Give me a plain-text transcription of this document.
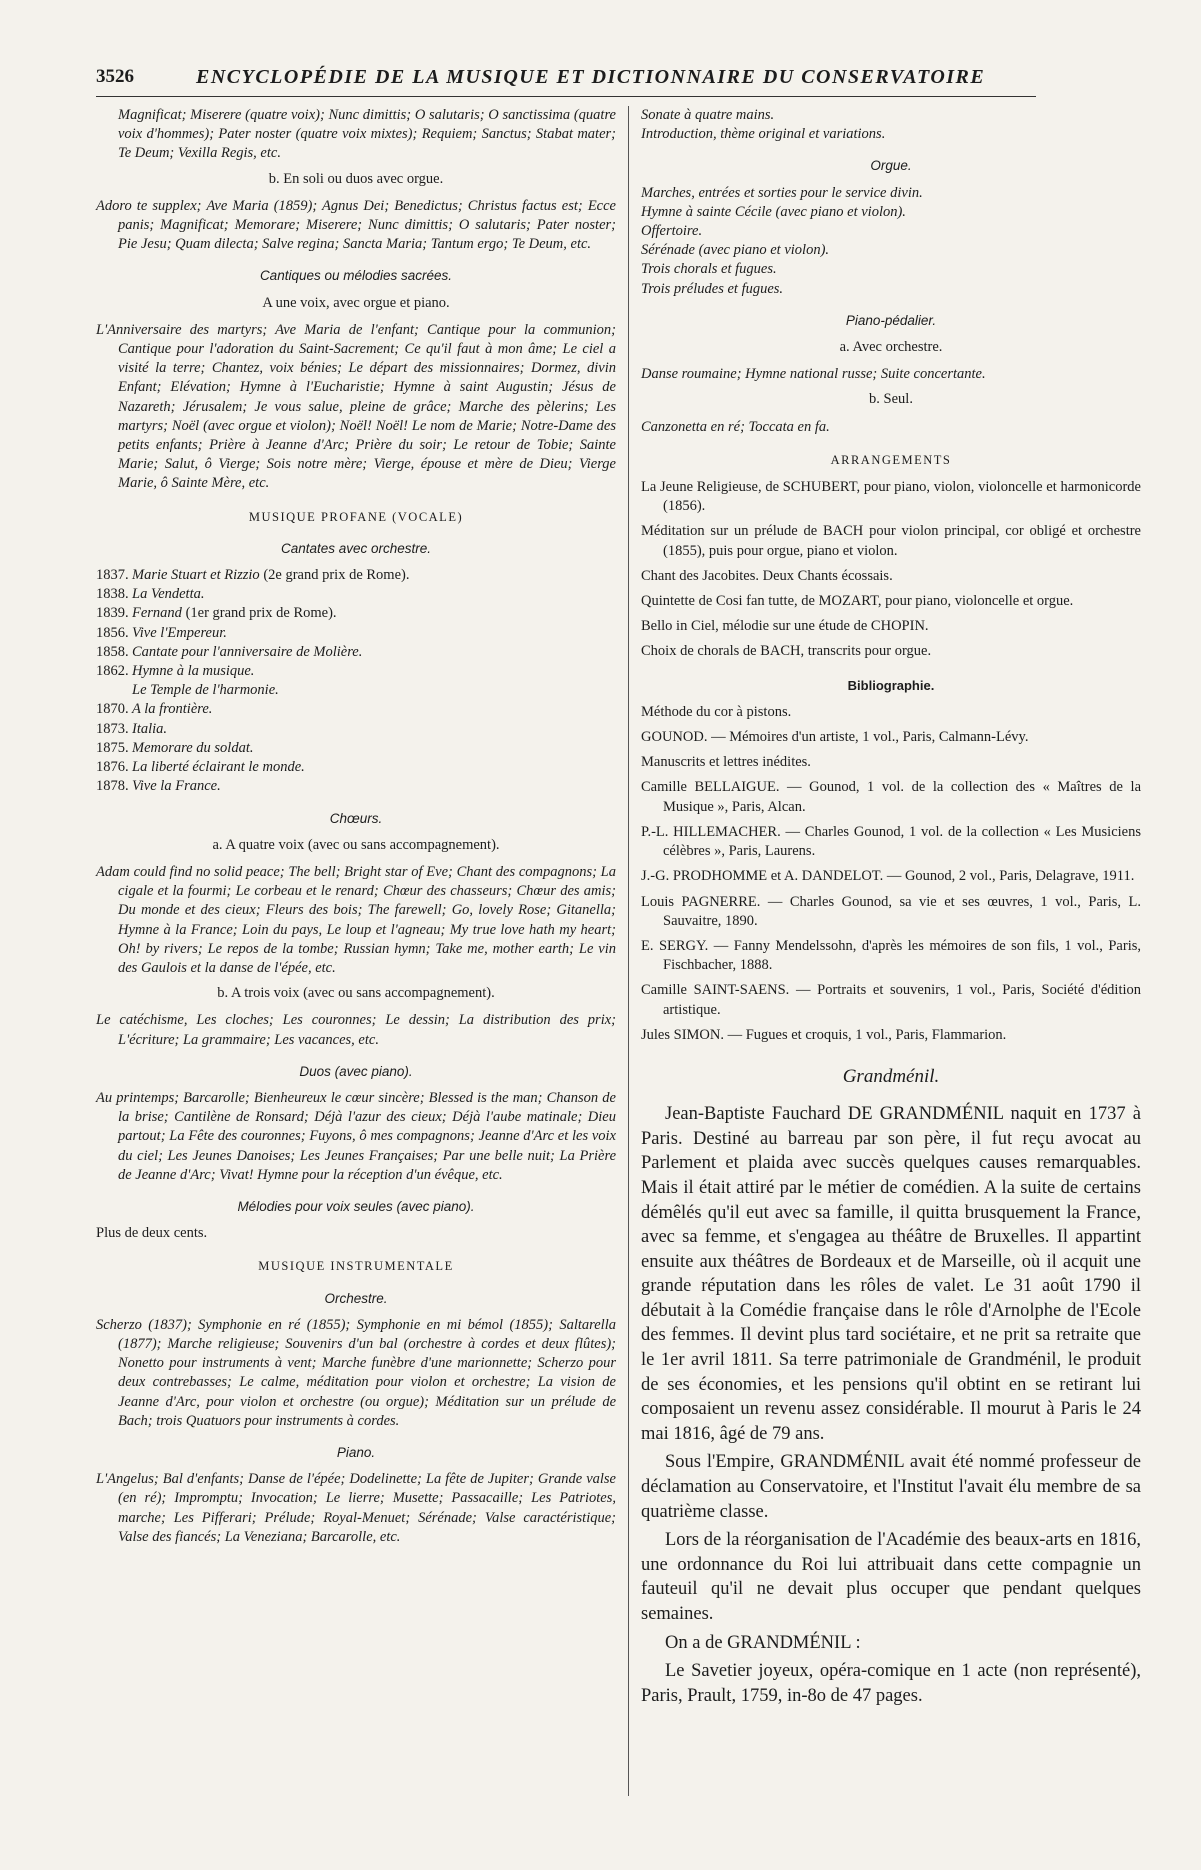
3526	ENCYCLOPÉDIE DE LA MUSIQUE ET DICTIONNAIRE DU CONSERVATOIRE

Magnificat; Miserere (quatre voix); Nunc dimittis; O salutaris; O sanctissima (quatre voix d'hommes); Pater noster (quatre voix mixtes); Requiem; Sanctus; Stabat mater; Te Deum; Vexilla Regis, etc.

b. En soli ou duos avec orgue.

Adoro te supplex; Ave Maria (1859); Agnus Dei; Benedictus; Christus factus est; Ecce panis; Magnificat; Memorare; Miserere; Nunc dimittis; O salutaris; Pater noster; Pie Jesu; Quam dilecta; Salve regina; Sancta Maria; Tantum ergo; Te Deum, etc.

Cantiques ou mélodies sacrées.
A une voix, avec orgue et piano.

L'Anniversaire des martyrs; Ave Maria de l'enfant; Cantique pour la communion; Cantique pour l'adoration du Saint-Sacrement; Ce qu'il faut à mon âme; Le ciel a visité la terre; Chantez, voix bénies; Le départ des missionnaires; Dormez, divin Enfant; Elévation; Hymne à l'Eucharistie; Hymne à saint Augustin; Jésus de Nazareth; Jérusalem; Je vous salue, pleine de grâce; Marche des pèlerins; Les martyrs; Noël (avec orgue et violon); Noël! Noël! Le nom de Marie; Notre-Dame des petits enfants; Prière à Jeanne d'Arc; Prière du soir; Le retour de Tobie; Sainte Marie; Salut, ô Vierge; Sois notre mère; Vierge, épouse et mère de Dieu; Vierge Marie, ô Sainte Mère, etc.

MUSIQUE PROFANE (VOCALE)
Cantates avec orchestre.
1837. Marie Stuart et Rizzio (2e grand prix de Rome).
1838. La Vendetta.
1839. Fernand (1er grand prix de Rome).
1856. Vive l'Empereur.
1858. Cantate pour l'anniversaire de Molière.
1862. Hymne à la musique.
Le Temple de l'harmonie.
1870. A la frontière.
1873. Italia.
1875. Memorare du soldat.
1876. La liberté éclairant le monde.
1878. Vive la France.
Chœurs.
a. A quatre voix (avec ou sans accompagnement).

Adam could find no solid peace; The bell; Bright star of Eve; Chant des compagnons; La cigale et la fourmi; Le corbeau et le renard; Chœur des chasseurs; Chœur des amis; Du monde et des cieux; Fleurs des bois; The farewell; Go, lovely Rose; Gitanella; Hymne à la France; Loin du pays, Le loup et l'agneau; My true love hath my heart; Oh! by rivers; Le repos de la tombe; Russian hymn; Take me, mother earth; Le vin des Gaulois et la danse de l'épée, etc.

b. A trois voix (avec ou sans accompagnement).

Le catéchisme, Les cloches; Les couronnes; Le dessin; La distribution des prix; L'écriture; La grammaire; Les vacances, etc.

Duos (avec piano).

Au printemps; Barcarolle; Bienheureux le cœur sincère; Blessed is the man; Chanson de la brise; Cantilène de Ronsard; Déjà l'azur des cieux; Déjà l'aube matinale; Dieu partout; La Fête des couronnes; Fuyons, ô mes compagnons; Jeanne d'Arc et les voix du ciel; Les Jeunes Danoises; Les Jeunes Françaises; Par une belle nuit; La Prière de Jeanne d'Arc; Vivat! Hymne pour la réception d'un évêque, etc.

Mélodies pour voix seules (avec piano).

Plus de deux cents.

MUSIQUE INSTRUMENTALE
Orchestre.

Scherzo (1837); Symphonie en ré (1855); Symphonie en mi bémol (1855); Saltarella (1877); Marche religieuse; Souvenirs d'un bal (orchestre à cordes et deux flûtes); Nonetto pour instruments à vent; Marche funèbre d'une marionnette; Scherzo pour deux contrebasses; Le calme, méditation pour violon et orchestre; La vision de Jeanne d'Arc, pour violon et orchestre (ou orgue); Méditation sur un prélude de Bach; trois Quatuors pour instruments à cordes.

Piano.

L'Angelus; Bal d'enfants; Danse de l'épée; Dodelinette; La fête de Jupiter; Grande valse (en ré); Impromptu; Invocation; Le lierre; Musette; Passacaille; Les Patriotes, marche; Les Pifferari; Prélude; Royal-Menuet; Sérénade; Valse caractéristique; Valse des fiancés; La Veneziana; Barcarolle, etc.

Sonate à quatre mains.
Introduction, thème original et variations.
Orgue.
Marches, entrées et sorties pour le service divin.
Hymne à sainte Cécile (avec piano et violon).
Offertoire.
Sérénade (avec piano et violon).
Trois chorals et fugues.
Trois préludes et fugues.
Piano-pédalier.
a. Avec orchestre.

Danse roumaine; Hymne national russe; Suite concertante.

b. Seul.

Canzonetta en ré; Toccata en fa.

ARRANGEMENTS
La Jeune Religieuse, de SCHUBERT, pour piano, violon, violoncelle et harmonicorde (1856).
Méditation sur un prélude de BACH pour violon principal, cor obligé et orchestre (1855), puis pour orgue, piano et violon.
Chant des Jacobites. Deux Chants écossais.
Quintette de Cosi fan tutte, de MOZART, pour piano, violoncelle et orgue.
Bello in Ciel, mélodie sur une étude de CHOPIN.
Choix de chorals de BACH, transcrits pour orgue.
Bibliographie.
Méthode du cor à pistons.
GOUNOD. — Mémoires d'un artiste, 1 vol., Paris, Calmann-Lévy.
Manuscrits et lettres inédites.
Camille BELLAIGUE. — Gounod, 1 vol. de la collection des « Maîtres de la Musique », Paris, Alcan.
P.-L. HILLEMACHER. — Charles Gounod, 1 vol. de la collection « Les Musiciens célèbres », Paris, Laurens.
J.-G. PRODHOMME et A. DANDELOT. — Gounod, 2 vol., Paris, Delagrave, 1911.
Louis PAGNERRE. — Charles Gounod, sa vie et ses œuvres, 1 vol., Paris, L. Sauvaitre, 1890.
E. SERGY. — Fanny Mendelssohn, d'après les mémoires de son fils, 1 vol., Paris, Fischbacher, 1888.
Camille SAINT-SAENS. — Portraits et souvenirs, 1 vol., Paris, Société d'édition artistique.
Jules SIMON. — Fugues et croquis, 1 vol., Paris, Flammarion.
Grandménil.

Jean-Baptiste Fauchard DE GRANDMÉNIL naquit en 1737 à Paris. Destiné au barreau par son père, il fut reçu avocat au Parlement et plaida avec succès quelques causes remarquables. Mais il était attiré par le métier de comédien. A la suite de certains démêlés qu'il eut avec sa famille, il quitta brusquement la France, avec sa femme, et s'engagea au théâtre de Bruxelles. Il appartint ensuite aux théâtres de Bordeaux et de Marseille, où il acquit une grande réputation dans les rôles de valet. Le 31 août 1790 il débutait à la Comédie française dans le rôle d'Arnolphe de l'Ecole des femmes. Il devint plus tard sociétaire, et ne prit sa retraite que le 1er avril 1811. Sa terre patrimoniale de Grandménil, le produit de ses économies, et les pensions qu'il obtint en se retirant lui composaient un revenu assez considérable. Il mourut à Paris le 24 mai 1816, âgé de 79 ans.

Sous l'Empire, GRANDMÉNIL avait été nommé professeur de déclamation au Conservatoire, et l'Institut l'avait élu membre de sa quatrième classe.

Lors de la réorganisation de l'Académie des beaux-arts en 1816, une ordonnance du Roi lui attribuait dans cette compagnie un fauteuil qu'il ne devait plus occuper que pendant quelques semaines.

On a de GRANDMÉNIL :

Le Savetier joyeux, opéra-comique en 1 acte (non représenté), Paris, Prault, 1759, in-8o de 47 pages.
